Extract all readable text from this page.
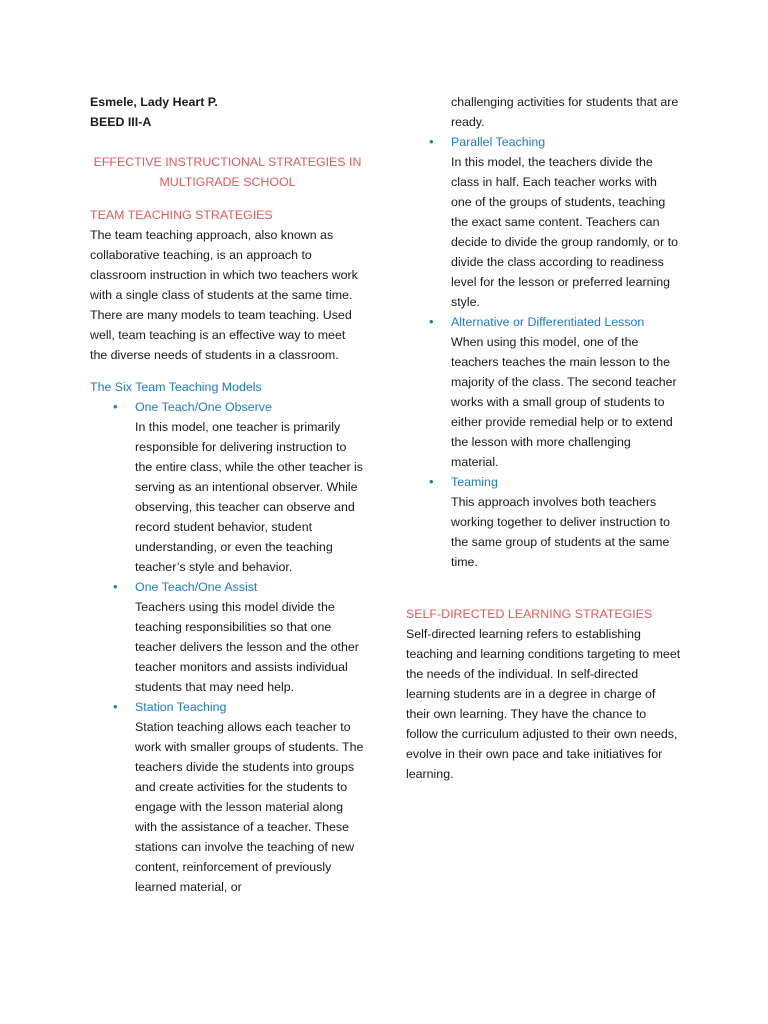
Esmele, Lady Heart P.

BEED III-A

EFFECTIVE INSTRUCTIONAL STRATEGIES IN

MULTIGRADE SCHOOL

TEAM TEACHING STRATEGIES

The team teaching approach, also known as collaborative teaching, is an approach to classroom instruction in which two teachers work with a single class of students at the same time. There are many models to team teaching. Used well, team teaching is an effective way to meet the diverse needs of students in a classroom.

The Six Team Teaching Models

• One Teach/One Observe

In this model, one teacher is primarily responsible for delivering instruction to the entire class, while the other teacher is serving as an intentional observer. While observing, this teacher can observe and record student behavior, student understanding, or even the teaching teacher’s style and behavior.

• One Teach/One Assist

Teachers using this model divide the teaching responsibilities so that one teacher delivers the lesson and the other teacher monitors and assists individual students that may need help.

• Station Teaching

Station teaching allows each teacher to work with smaller groups of students. The teachers divide the students into groups and create activities for the students to engage with the lesson material along with the assistance of a teacher. These stations can involve the teaching of new content, reinforcement of previously learned material, or

challenging activities for students that are ready.

• Parallel Teaching

In this model, the teachers divide the class in half. Each teacher works with one of the groups of students, teaching the exact same content. Teachers can decide to divide the group randomly, or to divide the class according to readiness level for the lesson or preferred learning style.

• Alternative or Differentiated Lesson

When using this model, one of the teachers teaches the main lesson to the majority of the class. The second teacher works with a small group of students to either provide remedial help or to extend the lesson with more challenging material.

• Teaming

This approach involves both teachers working together to deliver instruction to the same group of students at the same time.

SELF-DIRECTED LEARNING STRATEGIES Self-directed learning refers to establishing teaching and learning conditions targeting to meet the needs of the individual. In self-directed learning students are in a degree in charge of their own learning. They have the chance to follow the curriculum adjusted to their own needs, evolve in their own pace and take initiatives for learning.
